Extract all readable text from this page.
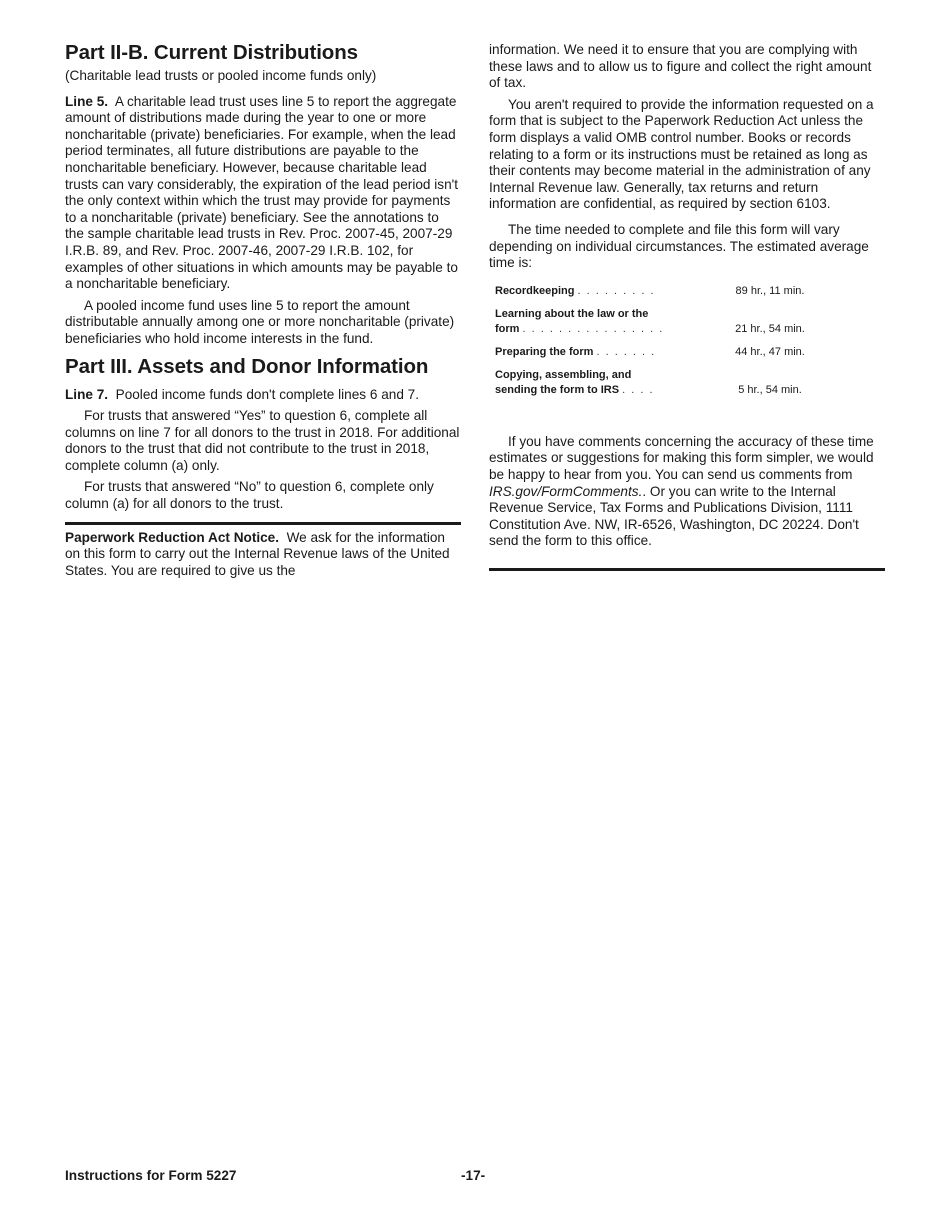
Part II-B. Current Distributions

(Charitable lead trusts or pooled income funds only)

Line 5. A charitable lead trust uses line 5 to report the aggregate amount of distributions made during the year to one or more noncharitable (private) beneficiaries. For example, when the lead period terminates, all future distributions are payable to the noncharitable beneficiary. However, because charitable lead trusts can vary considerably, the expiration of the lead period isn't the only context within which the trust may provide for payments to a noncharitable (private) beneficiary. See the annotations to the sample charitable lead trusts in Rev. Proc. 2007-45, 2007-29 I.R.B. 89, and Rev. Proc. 2007-46, 2007-29 I.R.B. 102, for examples of other situations in which amounts may be payable to a noncharitable beneficiary.

A pooled income fund uses line 5 to report the amount distributable annually among one or more noncharitable (private) beneficiaries who hold income interests in the fund.

Part III. Assets and Donor Information

Line 7. Pooled income funds don't complete lines 6 and 7.

For trusts that answered “Yes” to question 6, complete all columns on line 7 for all donors to the trust in 2018. For additional donors to the trust that did not contribute to the trust in 2018, complete column (a) only.

For trusts that answered “No” to question 6, complete only column (a) for all donors to the trust.

Paperwork Reduction Act Notice. We ask for the information on this form to carry out the Internal Revenue laws of the United States. You are required to give us the

information. We need it to ensure that you are complying with these laws and to allow us to figure and collect the right amount of tax.

You aren't required to provide the information requested on a form that is subject to the Paperwork Reduction Act unless the form displays a valid OMB control number. Books or records relating to a form or its instructions must be retained as long as their contents may become material in the administration of any Internal Revenue law. Generally, tax returns and return information are confidential, as required by section 6103.

The time needed to complete and file this form will vary depending on individual circumstances. The estimated average time is:

Recordkeeping . . . . . . . . .	89 hr., 11 min.
Learning about the law or the
form . . . . . . . . . . . . . . . .	21 hr., 54 min.
Preparing the form . . . . . . .	44 hr., 47 min.
Copying, assembling, and
sending the form to IRS . . . .	5 hr., 54 min.

If you have comments concerning the accuracy of these time estimates or suggestions for making this form simpler, we would be happy to hear from you. You can send us comments from IRS.gov/FormComments.. Or you can write to the Internal Revenue Service, Tax Forms and Publications Division, 1111 Constitution Ave. NW, IR-6526, Washington, DC 20224. Don't send the form to this office.

Instructions for Form 5227	-17-
